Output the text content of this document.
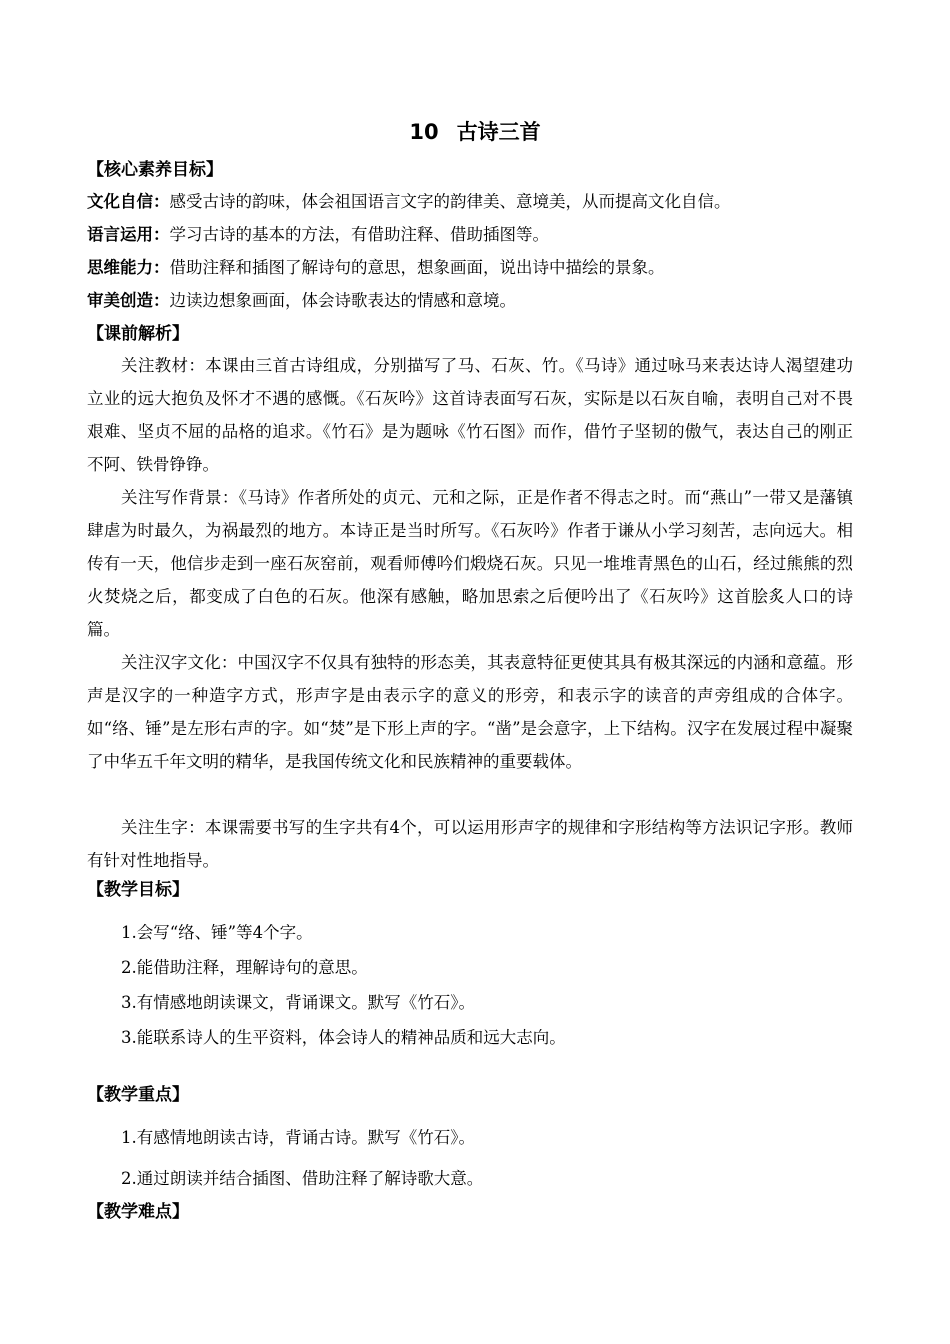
10 古诗三首
【核心素养目标】
文化自信：感受古诗的韵味，体会祖国语言文字的韵律美、意境美，从而提高文化自信。
语言运用：学习古诗的基本的方法，有借助注释、借助插图等。
思维能力：借助注释和插图了解诗句的意思，想象画面，说出诗中描绘的景象。
审美创造：边读边想象画面，体会诗歌表达的情感和意境。
【课前解析】

关注教材：本课由三首古诗组成，分别描写了马、石灰、竹。《马诗》通过咏马来表达诗人渴望建功立业的远大抱负及怀才不遇的感慨。《石灰吟》这首诗表面写石灰，实际是以石灰自喻，表明自己对不畏艰难、坚贞不屈的品格的追求。《竹石》是为题咏《竹石图》而作，借竹子坚韧的傲气，表达自己的刚正不阿、铁骨铮铮。

关注写作背景：《马诗》作者所处的贞元、元和之际，正是作者不得志之时。而“燕山”一带又是藩镇肆虐为时最久，为祸最烈的地方。本诗正是当时所写。《石灰吟》作者于谦从小学习刻苦，志向远大。相传有一天，他信步走到一座石灰窑前，观看师傅吟们煅烧石灰。只见一堆堆青黑色的山石，经过熊熊的烈火焚烧之后，都变成了白色的石灰。他深有感触，略加思索之后便吟出了《石灰吟》这首脍炙人口的诗篇。

关注汉字文化：中国汉字不仅具有独特的形态美，其表意特征更使其具有极其深远的内涵和意蕴。形声是汉字的一种造字方式，形声字是由表示字的意义的形旁，和表示字的读音的声旁组成的合体字。如“络、锤”是左形右声的字。如“焚”是下形上声的字。“凿”是会意字，上下结构。汉字在发展过程中凝聚了中华五千年文明的精华，是我国传统文化和民族精神的重要载体。

关注生字：本课需要书写的生字共有4个，可以运用形声字的规律和字形结构等方法识记字形。教师有针对性地指导。

【教学目标】
1.会写“络、锤”等4个字。
2.能借助注释，理解诗句的意思。
3.有情感地朗读课文，背诵课文。默写《竹石》。
3.能联系诗人的生平资料，体会诗人的精神品质和远大志向。
【教学重点】
1.有感情地朗读古诗，背诵古诗。默写《竹石》。
2.通过朗读并结合插图、借助注释了解诗歌大意。
【教学难点】
